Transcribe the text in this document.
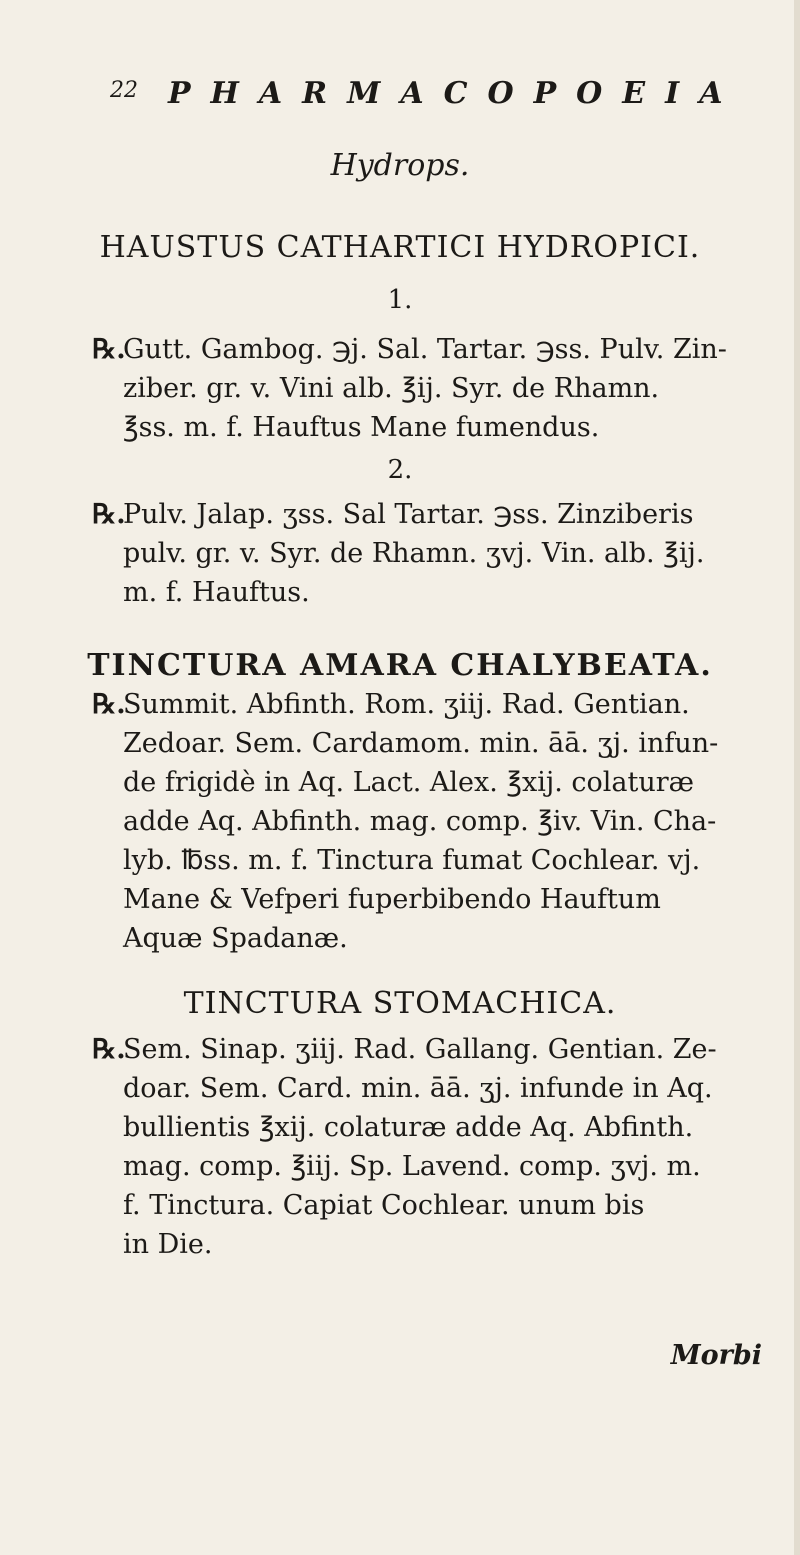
22 PHARMACOPOEIA
Hydrops.
HAUSTUS CATHARTICI HYDROPICI.
1.
℞.Gutt. Gambog. ℈j. Sal. Tartar. ℈ss. Pulv. Zin-
ziber. gr. v. Vini alb. ℥ij. Syr. de Rhamn.
℥ss. m. f. Hauftus Mane fumendus.
2.
℞.Pulv. Jalap. ʒss. Sal Tartar. ℈ss. Zinziberis
pulv. gr. v. Syr. de Rhamn. ʒvj. Vin. alb. ℥ij.
m. f. Hauftus.
TINCTURA AMARA CHALYBEATA.
℞.Summit. Abfinth. Rom. ʒiij. Rad. Gentian.
Zedoar. Sem. Cardamom. min. āā. ʒj. infun-
de frigidè in Aq. Lact. Alex. ℥xij. colaturæ
adde Aq. Abfinth. mag. comp. ℥iv. Vin. Cha-
lyb. ℔ss. m. f. Tinctura fumat Cochlear. vj.
Mane & Vefperi fuperbibendo Hauftum
Aquæ Spadanæ.
TINCTURA STOMACHICA.
℞.Sem. Sinap. ʒiij. Rad. Gallang. Gentian. Ze-
doar. Sem. Card. min. āā. ʒj. infunde in Aq.
bullientis ℥xij. colaturæ adde Aq. Abfinth.
mag. comp. ℥iij. Sp. Lavend. comp. ʒvj. m.
f. Tinctura. Capiat Cochlear. unum bis
in Die.
Morbi
